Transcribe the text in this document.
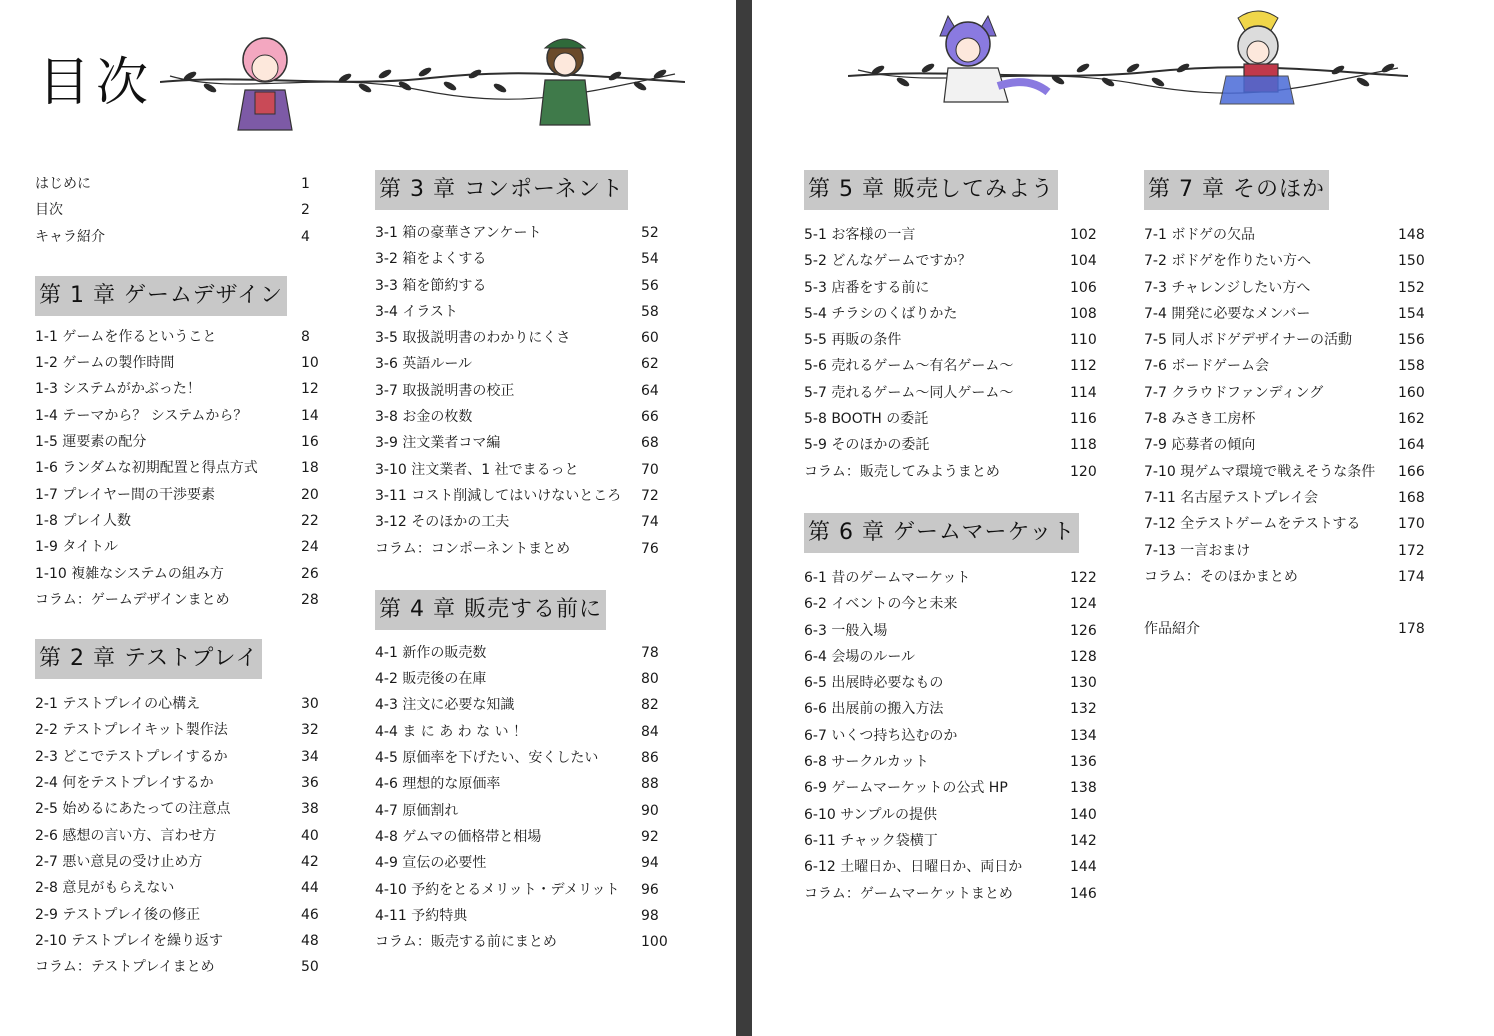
目次
はじめに	1
目次	2
キャラ紹介	4
第 1 章 ゲームデザイン
1-1 ゲームを作るということ	8
1-2 ゲームの製作時間	10
1-3 システムがかぶった！	12
1-4 テーマから？ システムから？	14
1-5 運要素の配分	16
1-6 ランダムな初期配置と得点方式	18
1-7 プレイヤー間の干渉要素	20
1-8 プレイ人数	22
1-9 タイトル	24
1-10 複雑なシステムの組み方	26
コラム：ゲームデザインまとめ	28
第 2 章 テストプレイ
2-1 テストプレイの心構え	30
2-2 テストプレイキット製作法	32
2-3 どこでテストプレイするか	34
2-4 何をテストプレイするか	36
2-5 始めるにあたっての注意点	38
2-6 感想の言い方、言わせ方	40
2-7 悪い意見の受け止め方	42
2-8 意見がもらえない	44
2-9 テストプレイ後の修正	46
2-10 テストプレイを繰り返す	48
コラム：テストプレイまとめ	50
第 3 章 コンポーネント
3-1 箱の豪華さアンケート	52
3-2 箱をよくする	54
3-3 箱を節約する	56
3-4 イラスト	58
3-5 取扱説明書のわかりにくさ	60
3-6 英語ルール	62
3-7 取扱説明書の校正	64
3-8 お金の枚数	66
3-9 注文業者コマ編	68
3-10 注文業者、1 社でまるっと	70
3-11 コスト削減してはいけないところ 72
3-12 そのほかの工夫	74
コラム：コンポーネントまとめ	76
第 4 章 販売する前に
4-1 新作の販売数	78
4-2 販売後の在庫	80
4-3 注文に必要な知識	82
4-4 ま に あ わ な い ！	84
4-5 原価率を下げたい、安くしたい	86
4-6 理想的な原価率	88
4-7 原価割れ	90
4-8 ゲムマの価格帯と相場	92
4-9 宣伝の必要性	94
4-10 予約をとるメリット・デメリット 96
4-11 予約特典	98
コラム：販売する前にまとめ	100
第 5 章 販売してみよう
5-1 お客様の一言	102
5-2 どんなゲームですか？	104
5-3 店番をする前に	106
5-4 チラシのくばりかた	108
5-5 再販の条件	110
5-6 売れるゲーム～有名ゲーム～	112
5-7 売れるゲーム～同人ゲーム～	114
5-8 BOOTH の委託	116
5-9 そのほかの委託	118
コラム：販売してみようまとめ	120
第 6 章 ゲームマーケット
6-1 昔のゲームマーケット	122
6-2 イベントの今と未来	124
6-3 一般入場	126
6-4 会場のルール	128
6-5 出展時必要なもの	130
6-6 出展前の搬入方法	132
6-7 いくつ持ち込むのか	134
6-8 サークルカット	136
6-9 ゲームマーケットの公式 HP	138
6-10 サンプルの提供	140
6-11 チャック袋横丁	142
6-12 土曜日か、日曜日か、両日か	144
コラム：ゲームマーケットまとめ	146
第 7 章 そのほか
7-1 ボドゲの欠品	148
7-2 ボドゲを作りたい方へ	150
7-3 チャレンジしたい方へ	152
7-4 開発に必要なメンバー	154
7-5 同人ボドゲデザイナーの活動	156
7-6 ボードゲーム会	158
7-7 クラウドファンディング	160
7-8 みさき工房杯	162
7-9 応募者の傾向	164
7-10 現ゲムマ環境で戦えそうな条件 166
7-11 名古屋テストプレイ会	168
7-12 全テストゲームをテストする	170
7-13 一言おまけ	172
コラム：そのほかまとめ	174
作品紹介	178
